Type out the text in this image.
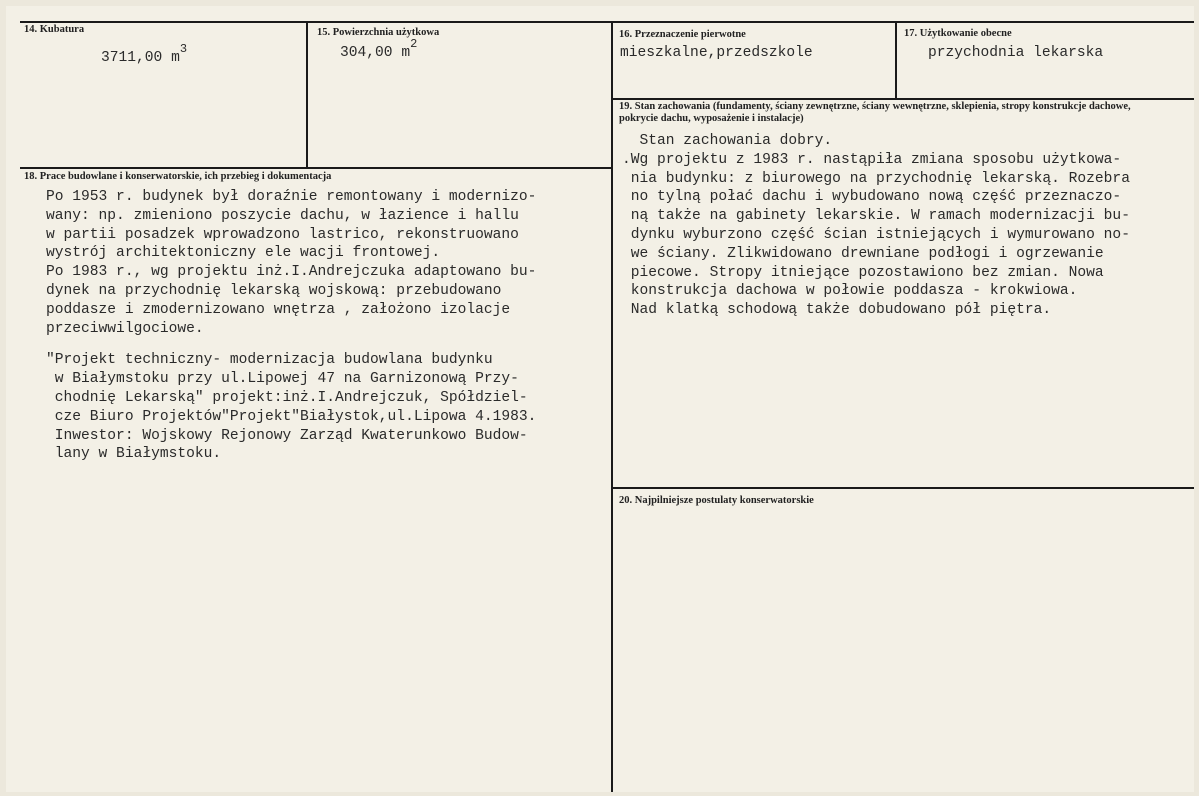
14. Kubatura
3711,00 $m^3$
15. Powierzchnia użytkowa
304,00 $m^2$
16. Przeznaczenie pierwotne
mieszkalne,przedszkole
17. Użytkowanie obecne
przychodnia lekarska
18. Prace budowlane i konserwatorskie, ich przebieg i dokumentacja
Po 1953 r. budynek był doraźnie remontowany i modernizo-
wany: np. zmieniono poszycie dachu, w łazience i hallu
w partii posadzek wprowadzono lastrico, rekonstruowano
wystrój architektoniczny ele wacji frontowej.
Po 1983 r., wg projektu inż.I.Andrejczuka adaptowano bu-
dynek na przychodnię lekarską wojskową: przebudowano
poddasze i zmodernizowano wnętrza , założono izolacje
przeciwwilgociowe.
"Projekt techniczny- modernizacja budowlana budynku
w Białymstoku przy ul.Lipowej 47 na Garnizonową Przy-
chodnię Lekarską" projekt:inż.I.Andrejczuk, Spółdziel-
cze Biuro Projektów"Projekt"Białystok,ul.Lipowa 4.1983.
Inwestor: Wojskowy Rejonowy Zarząd Kwaterunkowo Budow-
lany w Białymstoku.
19. Stan zachowania (fundamenty, ściany zewnętrzne, ściany wewnętrzne, sklepienia, stropy konstrukcje dachowe, pokrycie dachu, wyposażenie i instalacje)
Stan zachowania dobry.
.Wg projektu z 1983 r. nastąpiła zmiana sposobu użytkowa-
nia budynku: z biurowego na przychodnię lekarską. Rozebra
no tylną połać dachu i wybudowano nową część przeznaczo-
ną także na gabinety lekarskie. W ramach modernizacji bu-
dynku wyburzono część ścian istniejących i wymurowano no-
we ściany. Zlikwidowano drewniane podłogi i ogrzewanie
piecowe. Stropy itniejące pozostawiono bez zmian. Nowa
konstrukcja dachowa w połowie poddasza - krokwiowa.
Nad klatką schodową także dobudowano pół piętra.
20. Najpilniejsze postulaty konserwatorskie
